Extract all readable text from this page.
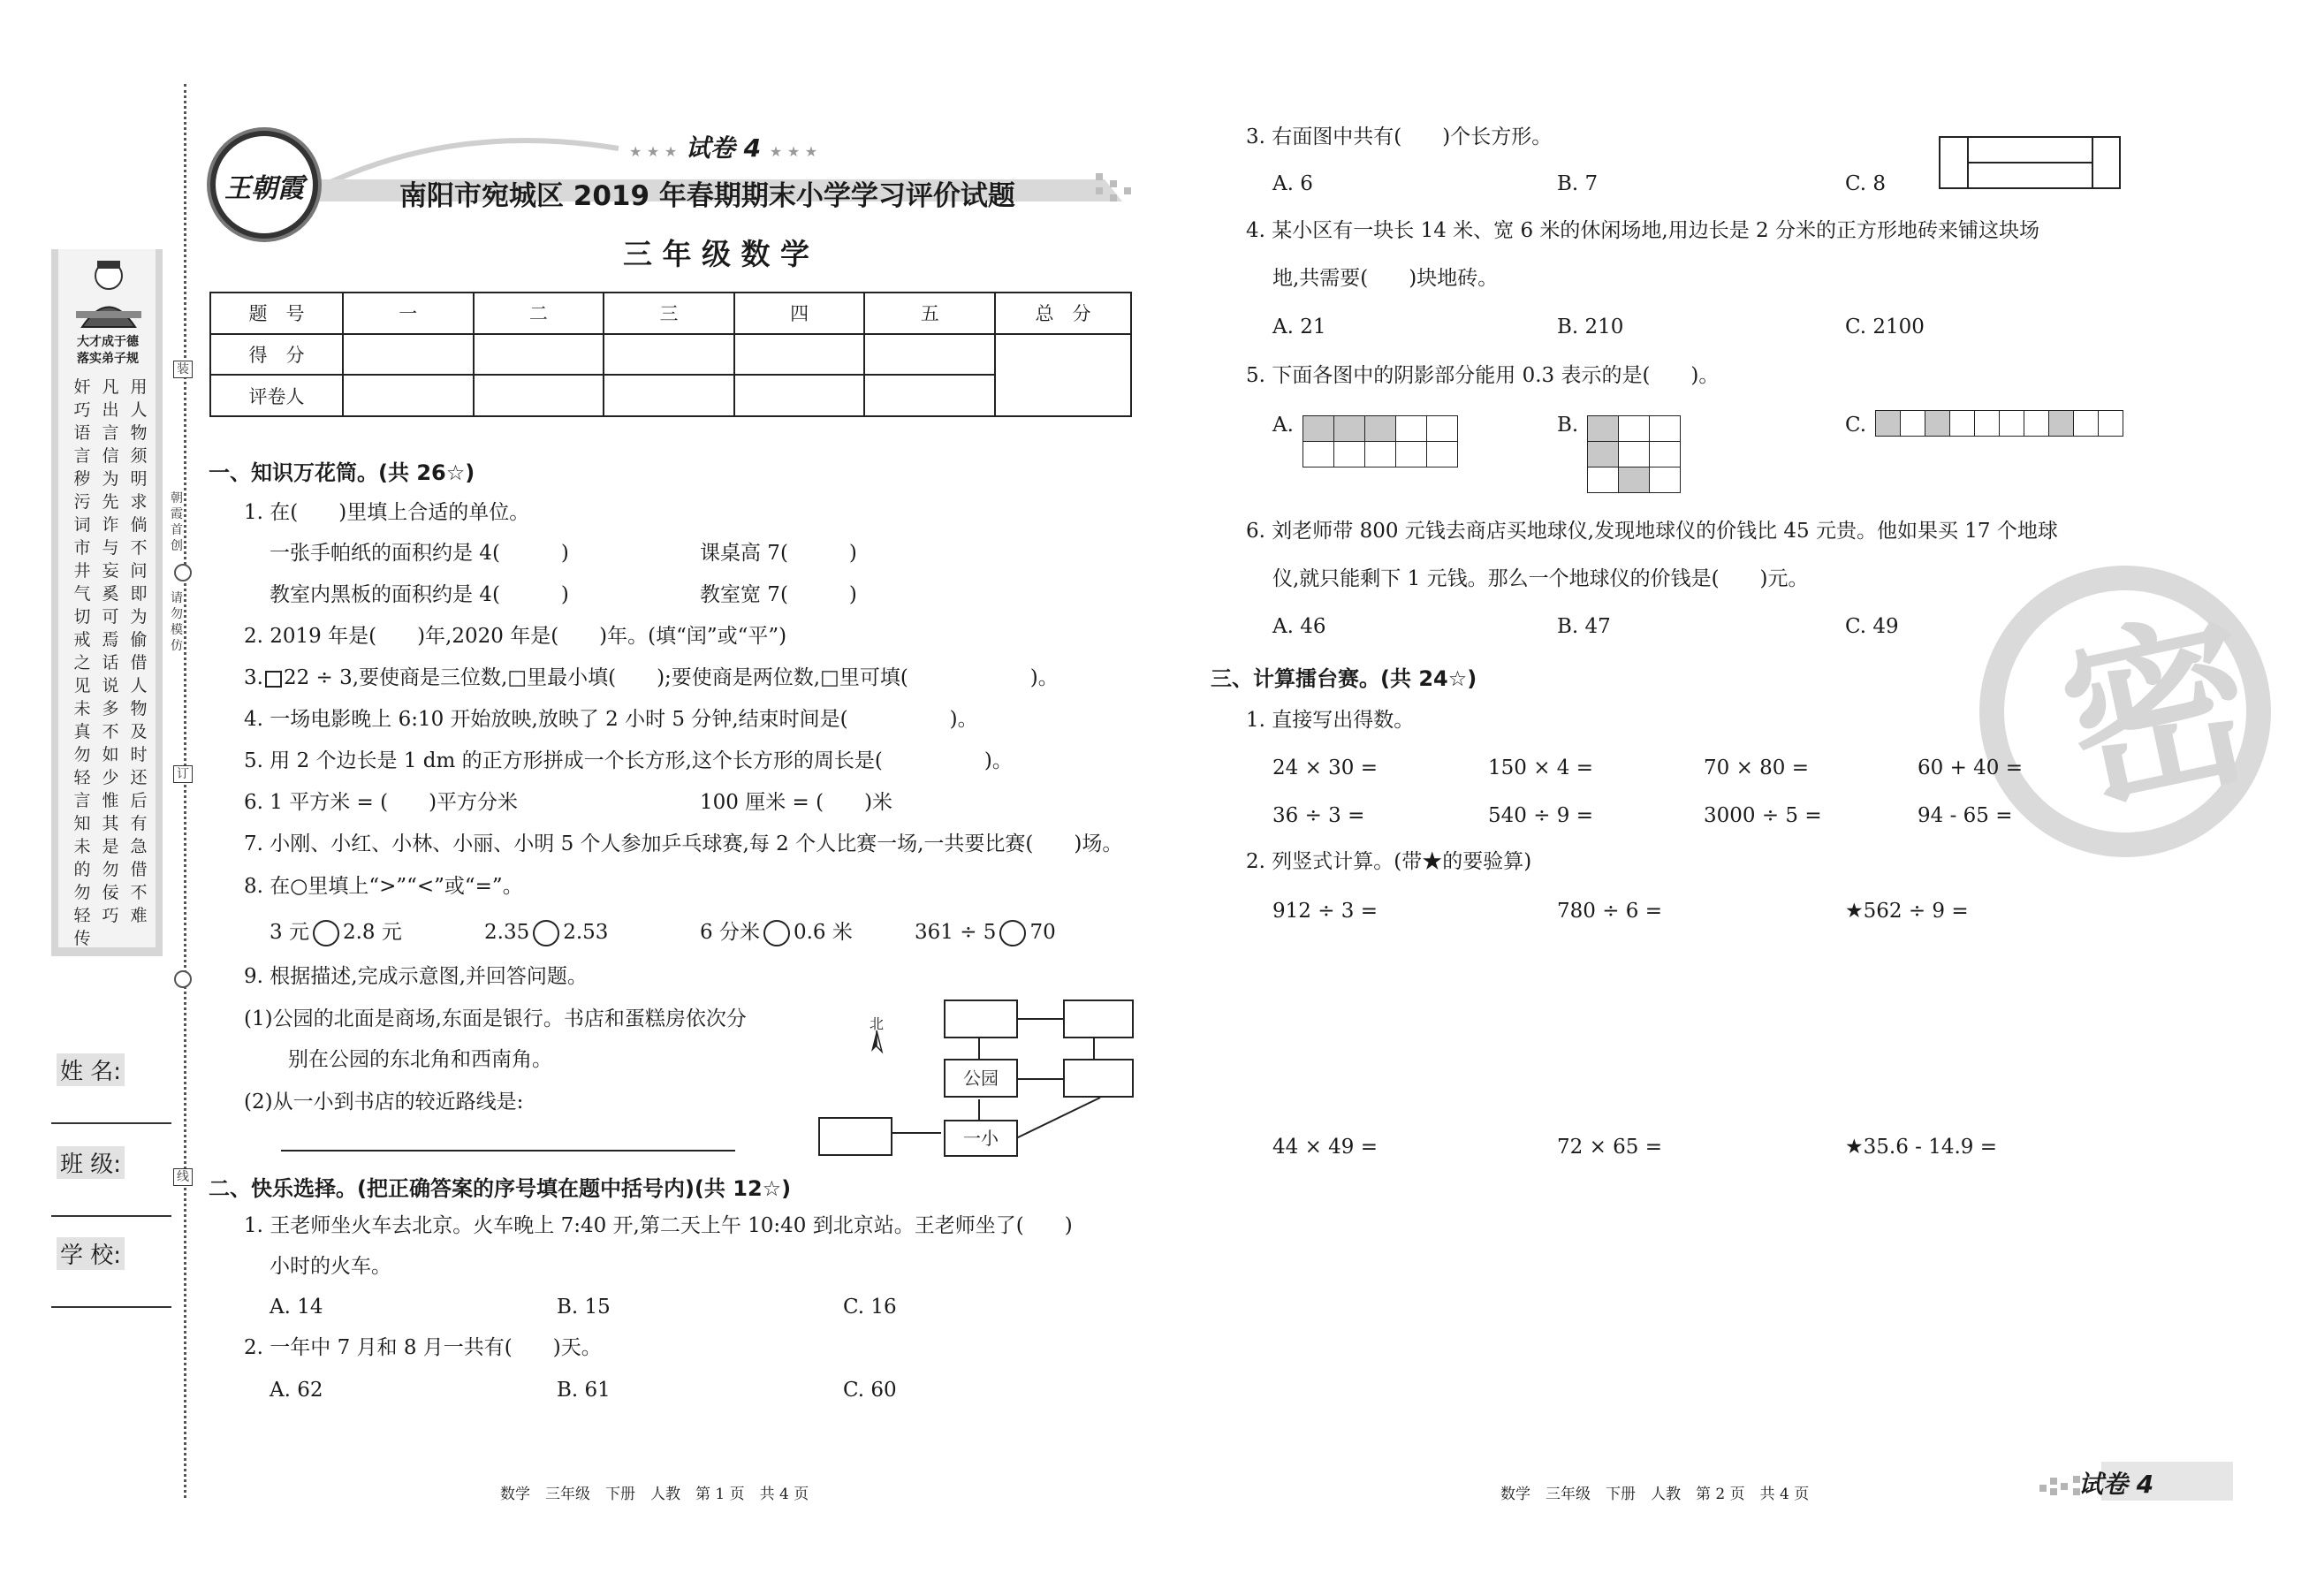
大才成于德
落实弟子规
奸巧语言秽污词市井气切戒之见未真勿轻言知未的勿轻传
凡出言信为先诈与妄奚可焉话说多不如少惟其是勿佞巧
用人物须明求倘不问即为偷借人物及时还后有急借不难
姓 名:
班 级:
学 校:
装
朝霞首创
请勿模仿
订
线
王朝霞
★ ★ ★ 试卷 4 ★ ★ ★
南阳市宛城区 2019 年春期期末小学学习评价试题
三 年 级 数 学
题　号	一	二	三	四	五	总　分
得　分						
评卷人						
一、知识万花筒。(共 26☆)
1. 在(　　)里填上合适的单位。
一张手帕纸的面积约是 4(　　　)	课桌高 7(　　　)
教室内黑板的面积约是 4(　　　)	教室宽 7(　　　)
2. 2019 年是(　　)年,2020 年是(　　)年。(填“闰”或“平”)
3. 22 ÷ 3,要使商是三位数,□里最小填(　　);要使商是两位数,□里可填(　　　　　　)。
4. 一场电影晚上 6:10 开始放映,放映了 2 小时 5 分钟,结束时间是(　　　　　)。
5. 用 2 个边长是 1 dm 的正方形拼成一个长方形,这个长方形的周长是(　　　　　)。
6. 1 平方米 = (　　)平方分米	100 厘米 = (　　)米
7. 小刚、小红、小林、小丽、小明 5 个人参加乒乓球赛,每 2 个人比赛一场,一共要比赛(　　)场。
8. 在○里填上“>”“<”或“=”。
3 元 2.8 元	2.35 2.53	6 分米 0.6 米	361 ÷ 5 70
9. 根据描述,完成示意图,并回答问题。
(1)公园的北面是商场,东面是银行。书店和蛋糕房依次分
别在公园的东北角和西南角。
(2)从一小到书店的较近路线是:
北
公园
一小
二、快乐选择。(把正确答案的序号填在题中括号内)(共 12☆)
1. 王老师坐火车去北京。火车晚上 7:40 开,第二天上午 10:40 到北京站。王老师坐了(　　)
小时的火车。
A. 14	B. 15	C. 16
2. 一年中 7 月和 8 月一共有(　　)天。
A. 62	B. 61	C. 60
数学　三年级　下册　人教　第 1 页　共 4 页
3. 右面图中共有(　　)个长方形。
A. 6	B. 7	C. 8
4. 某小区有一块长 14 米、宽 6 米的休闲场地,用边长是 2 分米的正方形地砖来铺这块场
地,共需要(　　)块地砖。
A. 21	B. 210	C. 2100
5. 下面各图中的阴影部分能用 0.3 表示的是(　　)。
A.

					B.

			C.

6. 刘老师带 800 元钱去商店买地球仪,发现地球仪的价钱比 45 元贵。他如果买 17 个地球
仪,就只能剩下 1 元钱。那么一个地球仪的价钱是(　　)元。
A. 46	B. 47	C. 49 密
三、计算擂台赛。(共 24☆)
1. 直接写出得数。
24 × 30 =	150 × 4 =	70 × 80 =	60 + 40 =
36 ÷ 3 =	540 ÷ 9 =	3000 ÷ 5 =	94 - 65 =
2. 列竖式计算。(带★的要验算)
912 ÷ 3 =	780 ÷ 6 =	★562 ÷ 9 =
44 × 49 =	72 × 65 =	★35.6 - 14.9 =
数学　三年级　下册　人教　第 2 页　共 4 页	试卷 4
